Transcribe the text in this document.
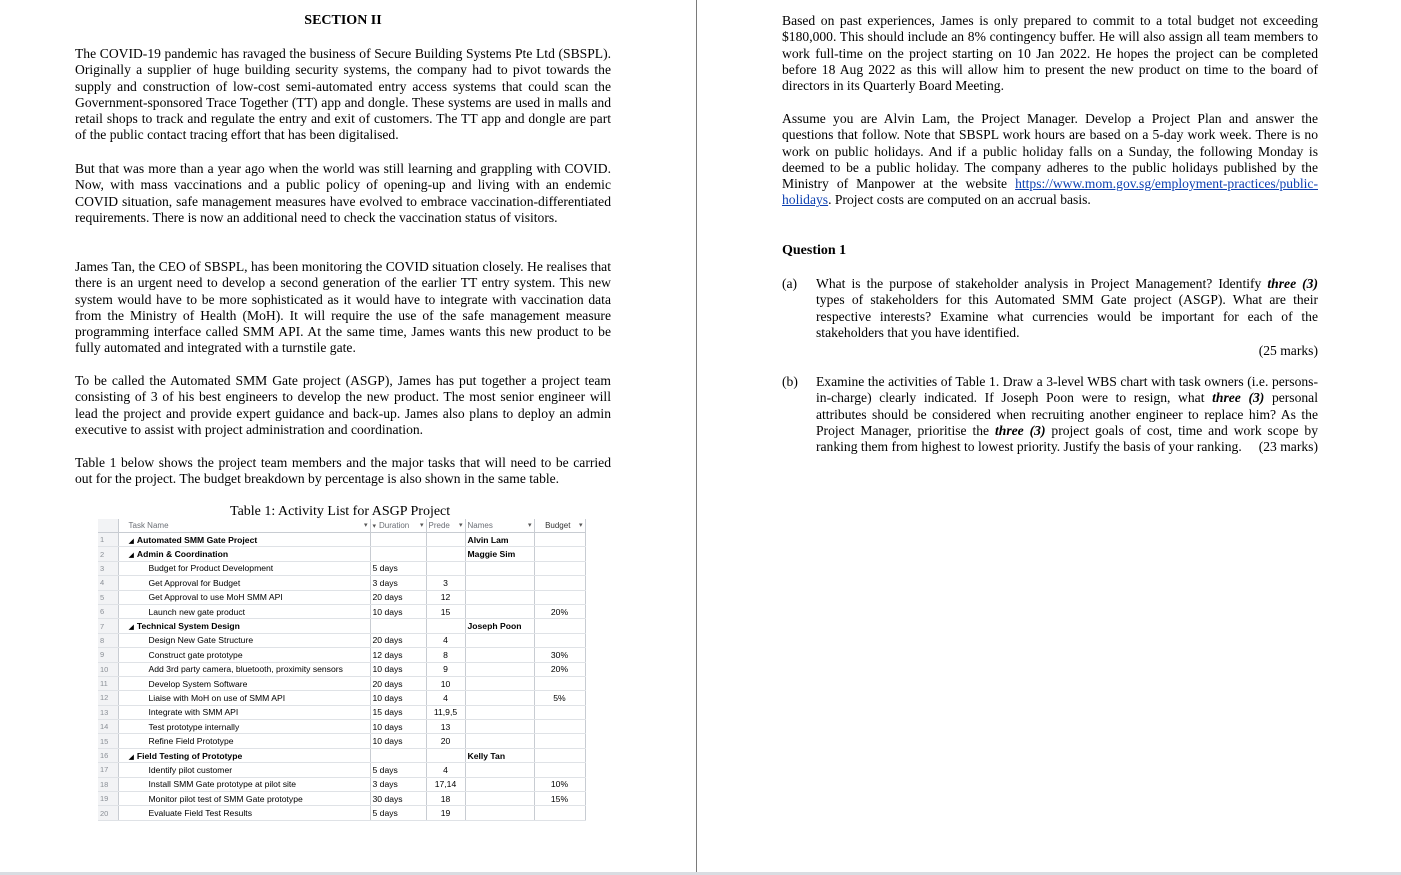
SECTION II

The COVID-19 pandemic has ravaged the business of Secure Building Systems Pte Ltd (SBSPL). Originally a supplier of huge building security systems, the company had to pivot towards the supply and construction of low-cost semi-automated entry access systems that could scan the Government-sponsored Trace Together (TT) app and dongle. These systems are used in malls and retail shops to track and regulate the entry and exit of customers. The TT app and dongle are part of the public contact tracing effort that has been digitalised.

But that was more than a year ago when the world was still learning and grappling with COVID. Now, with mass vaccinations and a public policy of opening-up and living with an endemic COVID situation, safe management measures have evolved to embrace vaccination-differentiated requirements. There is now an additional need to check the vaccination status of visitors.

James Tan, the CEO of SBSPL, has been monitoring the COVID situation closely. He realises that there is an urgent need to develop a second generation of the earlier TT entry system. This new system would have to be more sophisticated as it would have to integrate with vaccination data from the Ministry of Health (MoH). It will require the use of the safe management measure programming interface called SMM API. At the same time, James wants this new product to be fully automated and integrated with a turnstile gate.

To be called the Automated SMM Gate project (ASGP), James has put together a project team consisting of 3 of his best engineers to develop the new product. The most senior engineer will lead the project and provide expert guidance and back-up. James also plans to deploy an admin executive to assist with project administration and coordination.

Table 1 below shows the project team members and the major tasks that will need to be carried out for the project. The budget breakdown by percentage is also shown in the same table.

Table 1: Activity List for ASGP Project
	Task Name ▾	▾ Duration ▾	Prede ▾	Names ▾	Budget ▾

1	◢ Automated SMM Gate Project			Alvin Lam	
2	◢ Admin & Coordination			Maggie Sim	
3	Budget for Product Development	5 days			
4	Get Approval for Budget	3 days	3		
5	Get Approval to use MoH SMM API	20 days	12		
6	Launch new gate product	10 days	15		20%
7	◢ Technical System Design			Joseph Poon	
8	Design New Gate Structure	20 days	4		
9	Construct gate prototype	12 days	8		30%
10	Add 3rd party camera, bluetooth, proximity sensors	10 days	9		20%
11	Develop System Software	20 days	10		
12	Liaise with MoH on use of SMM API	10 days	4		5%
13	Integrate with SMM API	15 days	11,9,5		
14	Test prototype internally	10 days	13		
15	Refine Field Prototype	10 days	20		
16	◢ Field Testing of Prototype			Kelly Tan	
17	Identify pilot customer	5 days	4		
18	Install SMM Gate prototype at pilot site	3 days	17,14		10%
19	Monitor pilot test of SMM Gate prototype	30 days	18		15%
20	Evaluate Field Test Results	5 days	19		

Based on past experiences, James is only prepared to commit to a total budget not exceeding $180,000. This should include an 8% contingency buffer. He will also assign all team members to work full-time on the project starting on 10 Jan 2022. He hopes the project can be completed before 18 Aug 2022 as this will allow him to present the new product on time to the board of directors in its Quarterly Board Meeting.

Assume you are Alvin Lam, the Project Manager. Develop a Project Plan and answer the questions that follow. Note that SBSPL work hours are based on a 5-day work week. There is no work on public holidays. And if a public holiday falls on a Sunday, the following Monday is deemed to be a public holiday. The company adheres to the public holidays published by the Ministry of Manpower at the website https://www.mom.gov.sg/employment-practices/public-holidays. Project costs are computed on an accrual basis.

Question 1
(a) What is the purpose of stakeholder analysis in Project Management? Identify three (3) types of stakeholders for this Automated SMM Gate project (ASGP). What are their respective interests? Examine what currencies would be important for each of the stakeholders that you have identified.
(25 marks)
(b) Examine the activities of Table 1. Draw a 3-level WBS chart with task owners (i.e. persons-in-charge) clearly indicated. If Joseph Poon were to resign, what three (3) personal attributes should be considered when recruiting another engineer to replace him? As the Project Manager, prioritise the three (3) project goals of cost, time and work scope by ranking them from highest to lowest priority. Justify the basis of your ranking.	(23 marks)
